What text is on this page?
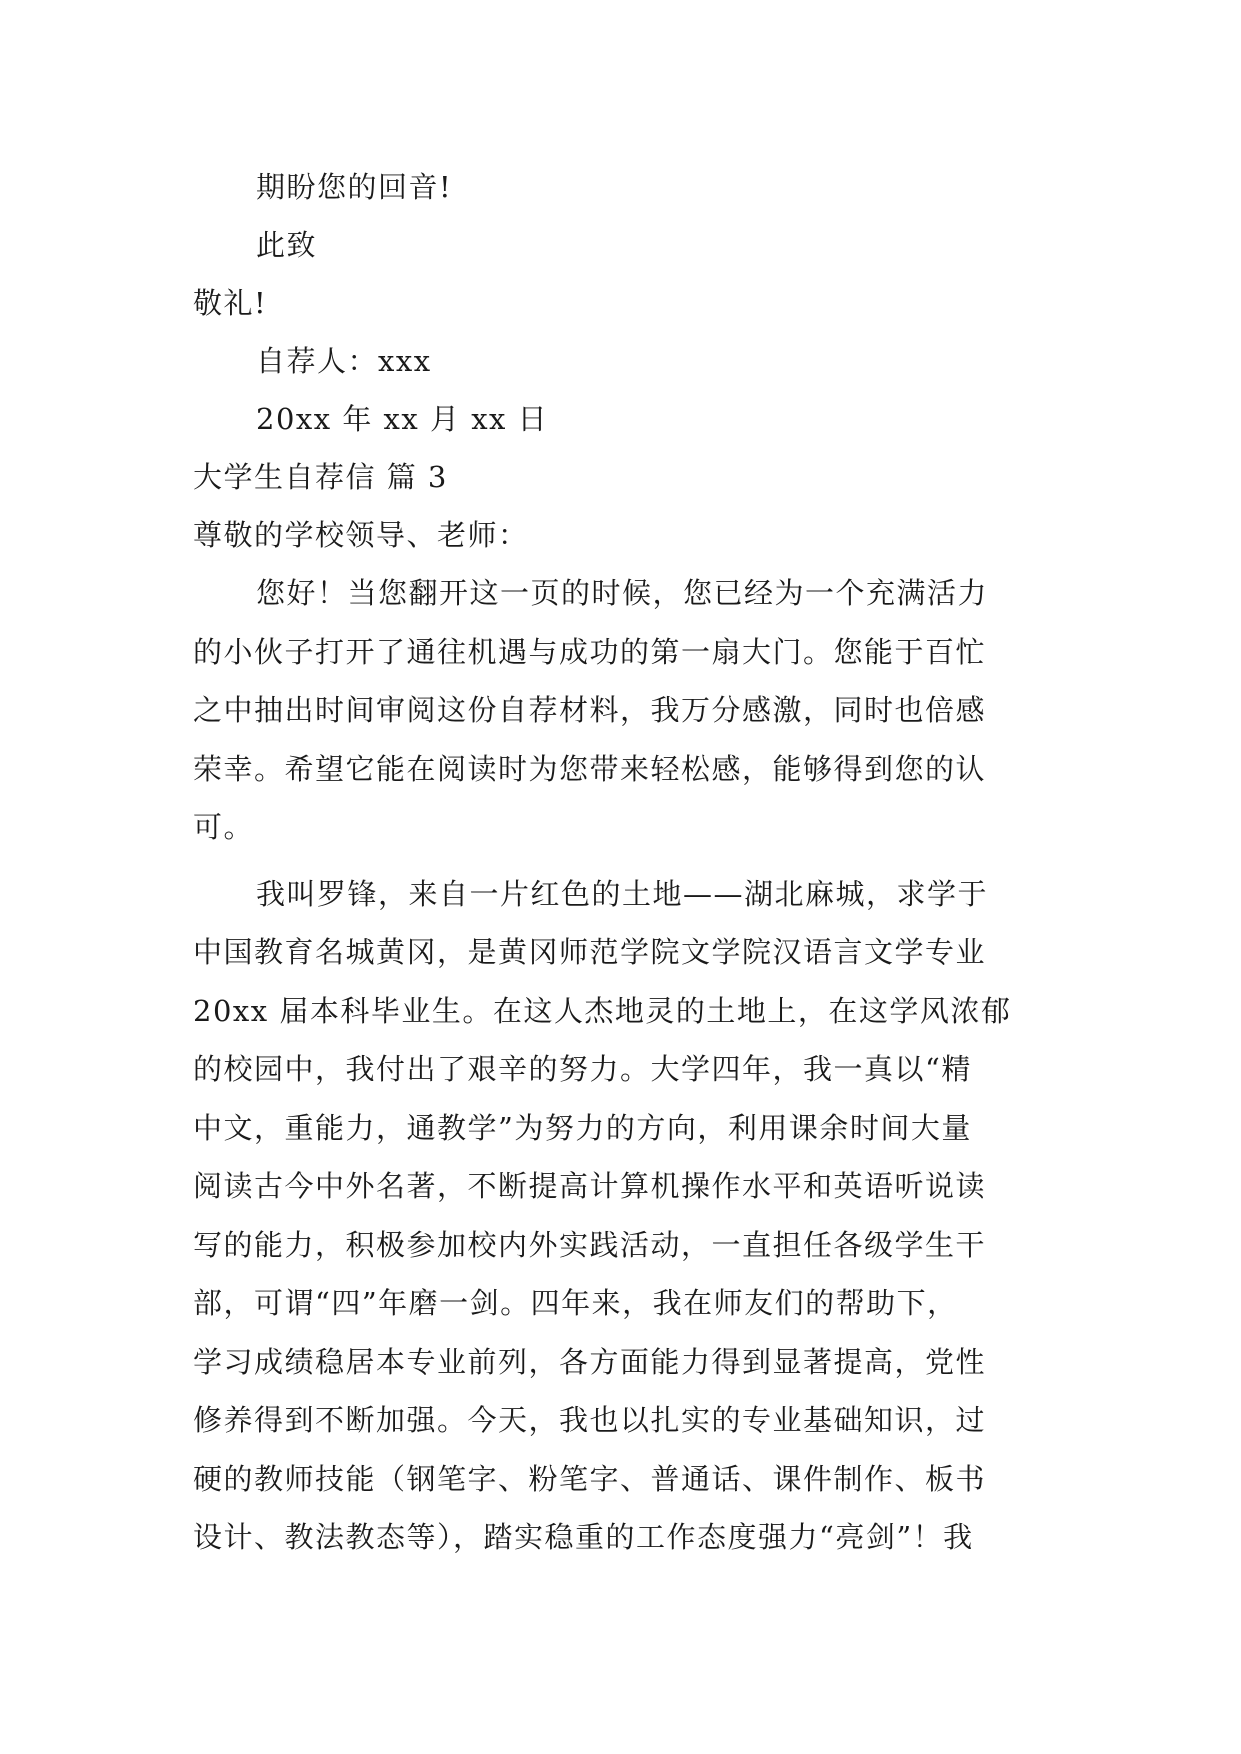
期盼您的回音!
此致
敬礼!
自荐人：xxx
20xx 年 xx 月 xx 日
大学生自荐信 篇 3
尊敬的学校领导、老师：
您好！当您翻开这一页的时候，您已经为一个充满活力
的小伙子打开了通往机遇与成功的第一扇大门。您能于百忙
之中抽出时间审阅这份自荐材料，我万分感激，同时也倍感
荣幸。希望它能在阅读时为您带来轻松感，能够得到您的认
可。
我叫罗锋，来自一片红色的土地——湖北麻城，求学于
中国教育名城黄冈，是黄冈师范学院文学院汉语言文学专业
20xx 届本科毕业生。在这人杰地灵的土地上，在这学风浓郁
的校园中，我付出了艰辛的努力。大学四年，我一真以“精
中文，重能力，通教学”为努力的方向，利用课余时间大量
阅读古今中外名著，不断提高计算机操作水平和英语听说读
写的能力，积极参加校内外实践活动，一直担任各级学生干
部，可谓“四”年磨一剑。四年来，我在师友们的帮助下，
学习成绩稳居本专业前列，各方面能力得到显著提高，党性
修养得到不断加强。今天，我也以扎实的专业基础知识，过
硬的教师技能（钢笔字、粉笔字、普通话、课件制作、板书
设计、教法教态等），踏实稳重的工作态度强力“亮剑”！我
